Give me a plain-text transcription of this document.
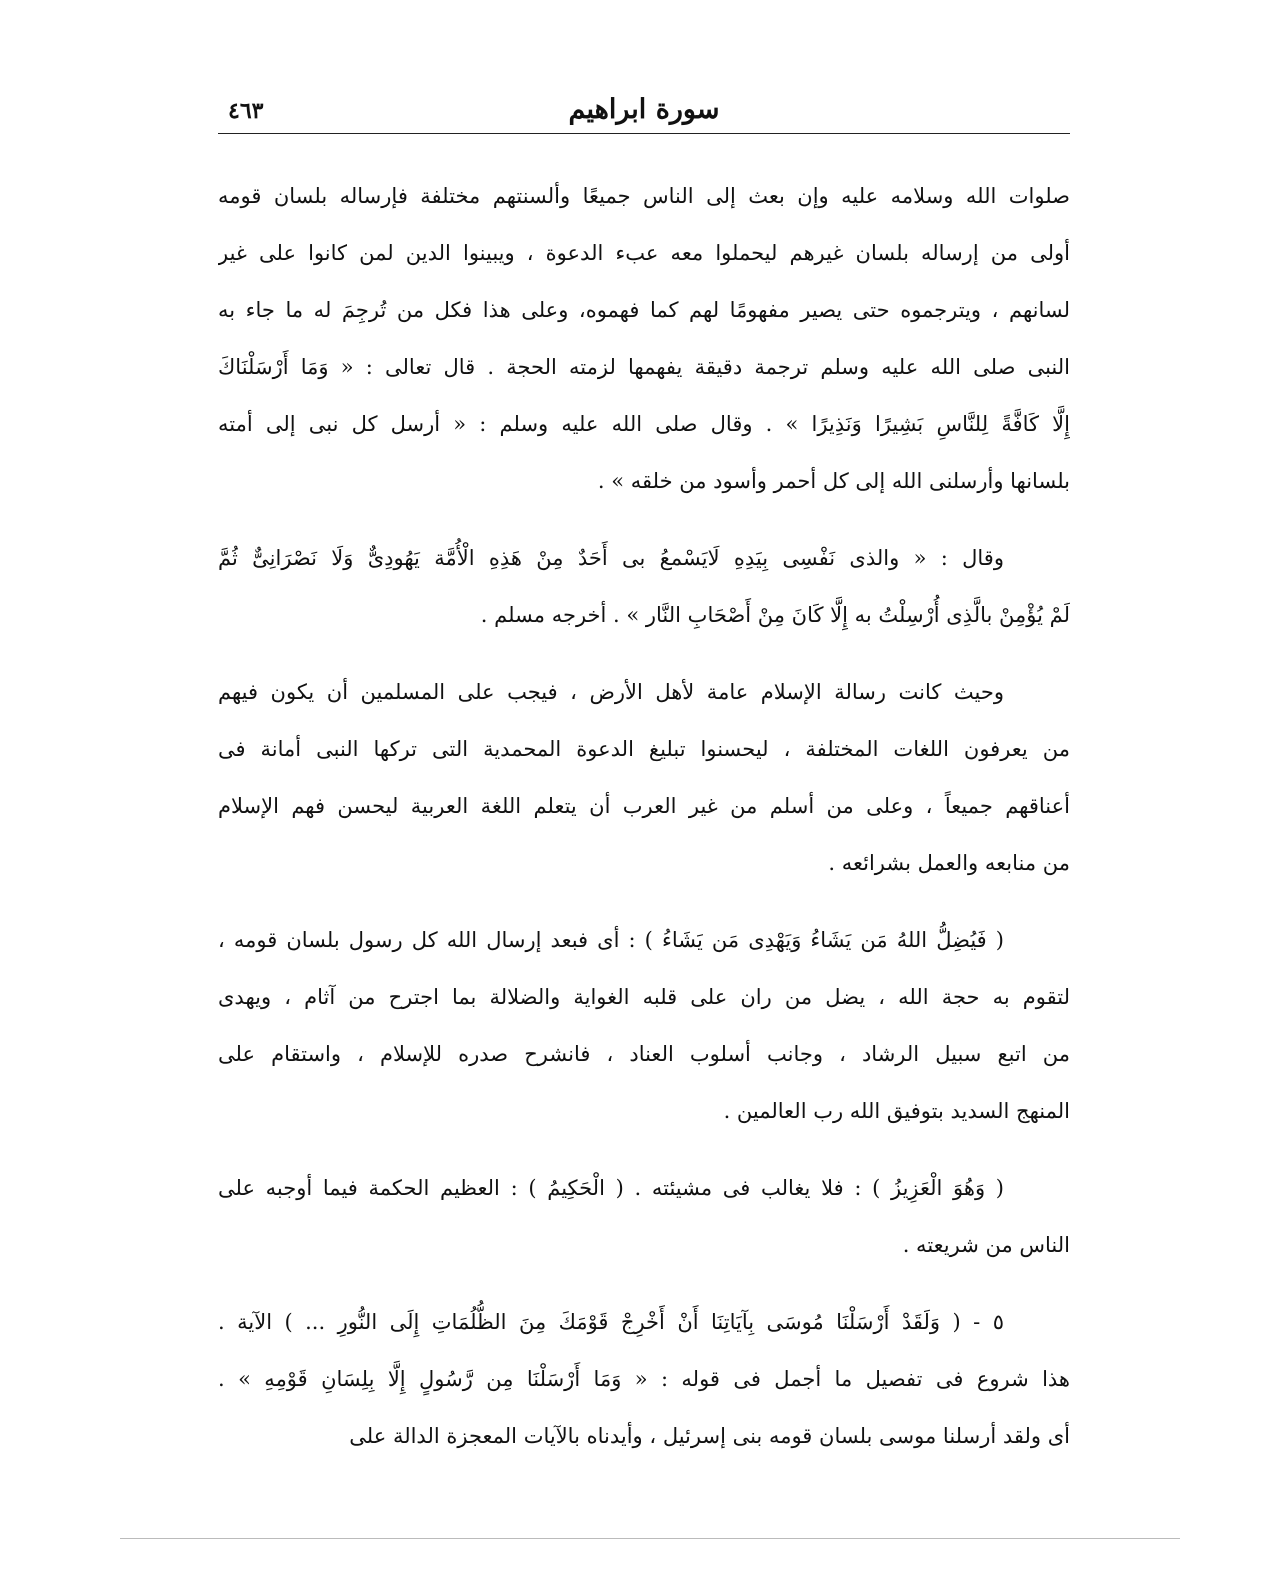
سورة ابراهيم
٤٦٣
صلوات الله وسلامه عليه وإن بعث إلى الناس جميعًا وألسنتهم مختلفة فإرساله بلسان قومه
أولى من إرساله بلسان غيرهم ليحملوا معه عبء الدعوة ، ويبينوا الدين لمن كانوا على غير
لسانهم ، ويترجموه حتى يصير مفهومًا لهم كما فهموه، وعلى هذا فكل من تُرجِمَ له ما جاء به
النبى صلى الله عليه وسلم ترجمة دقيقة يفهمها لزمته الحجة . قال تعالى : « وَمَا أَرْسَلْنَاكَ
إِلَّا كَافَّةً لِلنَّاسِ بَشِيرًا وَنَذِيرًا » . وقال صلى الله عليه وسلم : « أرسل كل نبى إلى أمته
بلسانها وأرسلنى الله إلى كل أحمر وأسود من خلقه » .
وقال : « والذى نَفْسِى بِيَدِهِ لَايَسْمعُ بى أَحَدٌ مِنْ هَذِهِ الْأُمَّة يَهُودِىٌّ وَلَا نَصْرَانِىٌّ ثُمَّ
لَمْ يُؤْمِنْ بالَّذِى أُرْسِلْتُ به إِلَّا كَانَ مِنْ أَصْحَابِ النَّار » . أخرجه مسلم .
وحيث كانت رسالة الإسلام عامة لأهل الأرض ، فيجب على المسلمين أن يكون فيهم
من يعرفون اللغات المختلفة ، ليحسنوا تبليغ الدعوة المحمدية التى تركها النبى أمانة فى
أعناقهم جميعاً ، وعلى من أسلم من غير العرب أن يتعلم اللغة العربية ليحسن فهم الإسلام
من منابعه والعمل بشرائعه .
( فَيُضِلُّ اللهُ مَن يَشَاءُ وَيَهْدِى مَن يَشَاءُ ) : أى فبعد إرسال الله كل رسول بلسان قومه ،
لتقوم به حجة الله ، يضل من ران على قلبه الغواية والضلالة بما اجترح من آثام ، ويهدى
من اتبع سبيل الرشاد ، وجانب أسلوب العناد ، فانشرح صدره للإسلام ، واستقام على
المنهج السديد بتوفيق الله رب العالمين .
( وَهُوَ الْعَزِيزُ ) : فلا يغالب فى مشيئته . ( الْحَكِيمُ ) : العظيم الحكمة فيما أوجبه على
الناس من شريعته .
٥ - ( وَلَقَدْ أَرْسَلْنَا مُوسَى بِآيَاتِنَا أَنْ أَخْرِجْ قَوْمَكَ مِنَ الظُّلُمَاتِ إِلَى النُّورِ ... ) الآية .
هذا شروع فى تفصيل ما أجمل فى قوله : « وَمَا أَرْسَلْنَا مِن رَّسُولٍ إِلَّا بِلِسَانِ قَوْمِهِ » .
أى ولقد أرسلنا موسى بلسان قومه بنى إسرئيل ، وأيدناه بالآيات المعجزة الدالة على
